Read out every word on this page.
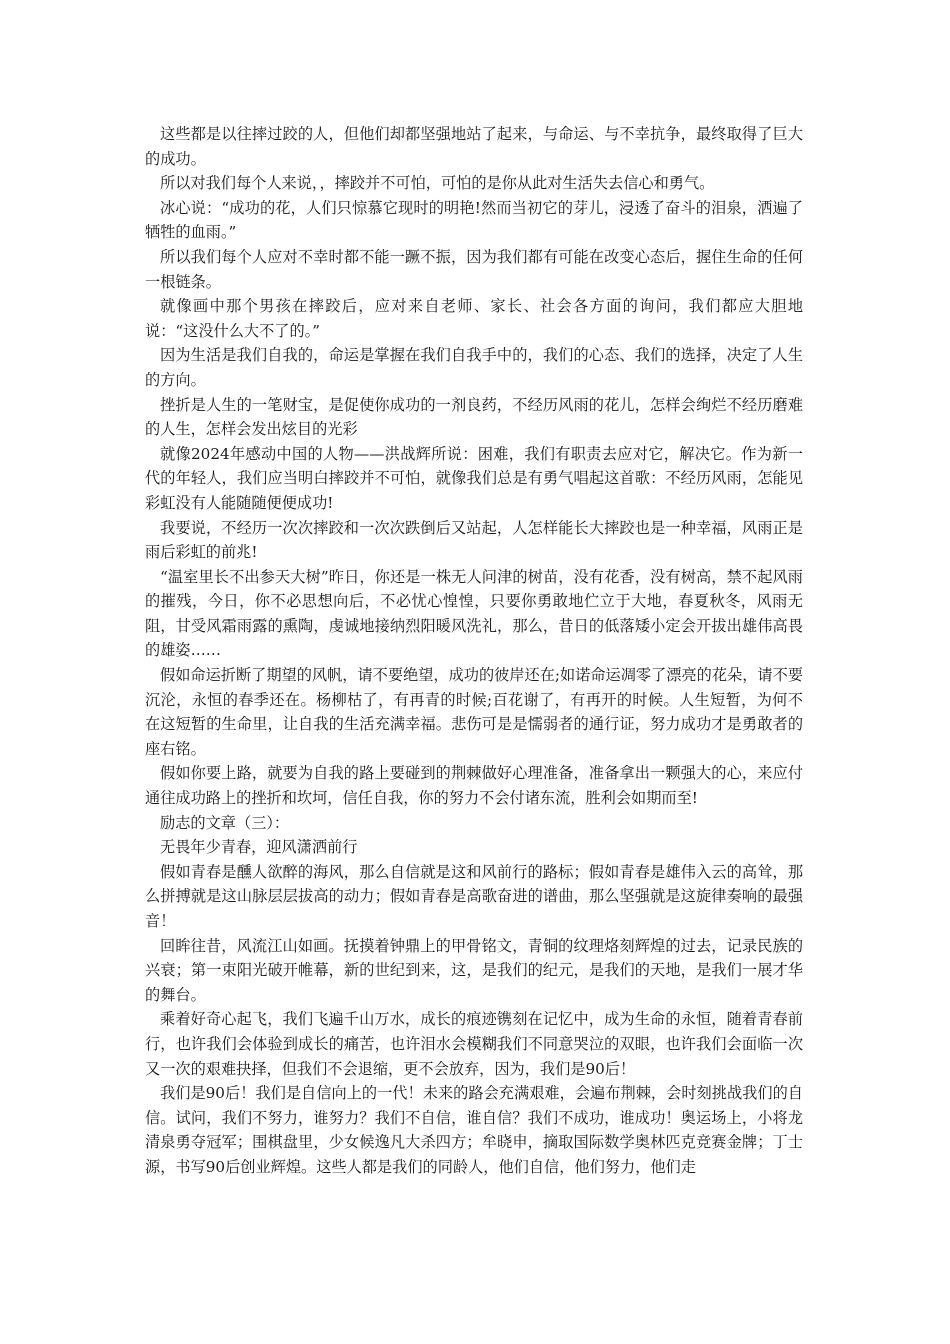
这些都是以往摔过跤的人，但他们却都坚强地站了起来，与命运、与不幸抗争，最终取得了巨大的成功。

所以对我们每个人来说，，摔跤并不可怕，可怕的是你从此对生活失去信心和勇气。

冰心说：“成功的花，人们只惊慕它现时的明艳!然而当初它的芽儿，浸透了奋斗的泪泉，洒遍了牺牲的血雨。”

所以我们每个人应对不幸时都不能一蹶不振，因为我们都有可能在改变心态后，握住生命的任何一根链条。

就像画中那个男孩在摔跤后，应对来自老师、家长、社会各方面的询问，我们都应大胆地说：“这没什么大不了的。”

因为生活是我们自我的，命运是掌握在我们自我手中的，我们的心态、我们的选择，决定了人生的方向。

挫折是人生的一笔财宝，是促使你成功的一剂良药，不经历风雨的花儿，怎样会绚烂不经历磨难的人生，怎样会发出炫目的光彩

就像2024年感动中国的人物——洪战辉所说：困难，我们有职责去应对它，解决它。作为新一代的年轻人，我们应当明白摔跤并不可怕，就像我们总是有勇气唱起这首歌：不经历风雨，怎能见彩虹没有人能随随便便成功!

我要说，不经历一次次摔跤和一次次跌倒后又站起，人怎样能长大摔跤也是一种幸福，风雨正是雨后彩虹的前兆!

“温室里长不出参天大树”昨日，你还是一株无人问津的树苗，没有花香，没有树高，禁不起风雨的摧残，今日，你不必思想向后，不必忧心惶惶，只要你勇敢地伫立于大地，春夏秋冬，风雨无阻，甘受风霜雨露的熏陶，虔诚地接纳烈阳暖风洗礼，那么，昔日的低落矮小定会开拔出雄伟高畏的雄姿……

假如命运折断了期望的风帆，请不要绝望，成功的彼岸还在;如诺命运凋零了漂亮的花朵，请不要沉沦，永恒的春季还在。杨柳枯了，有再青的时候;百花谢了，有再开的时候。人生短暂，为何不在这短暂的生命里，让自我的生活充满幸福。悲伤可是是懦弱者的通行证，努力成功才是勇敢者的座右铭。

假如你要上路，就要为自我的路上要碰到的荆棘做好心理准备，准备拿出一颗强大的心，来应付通往成功路上的挫折和坎坷，信任自我，你的努力不会付诸东流，胜利会如期而至!

励志的文章（三）：

无畏年少青春，迎风潇洒前行

假如青春是醺人欲醉的海风，那么自信就是这和风前行的路标；假如青春是雄伟入云的高耸，那么拼搏就是这山脉层层拔高的动力；假如青春是高歌奋进的谱曲，那么坚强就是这旋律奏响的最强音！

回眸往昔，风流江山如画。抚摸着钟鼎上的甲骨铭文，青铜的纹理烙刻辉煌的过去，记录民族的兴衰；第一束阳光破开帷幕，新的世纪到来，这，是我们的纪元，是我们的天地，是我们一展才华的舞台。

乘着好奇心起飞，我们飞遍千山万水，成长的痕迹镌刻在记忆中，成为生命的永恒，随着青春前行，也许我们会体验到成长的痛苦，也许泪水会模糊我们不同意哭泣的双眼，也许我们会面临一次又一次的艰难抉择，但我们不会退缩，更不会放弃，因为，我们是90后！

我们是90后！我们是自信向上的一代！未来的路会充满艰难，会遍布荆棘，会时刻挑战我们的自信。试问，我们不努力，谁努力？我们不自信，谁自信？我们不成功，谁成功！奥运场上，小将龙清泉勇夺冠军；围棋盘里，少女候逸凡大杀四方；牟晓申，摘取国际数学奥林匹克竞赛金牌；丁士源，书写90后创业辉煌。这些人都是我们的同龄人，他们自信，他们努力，他们走
